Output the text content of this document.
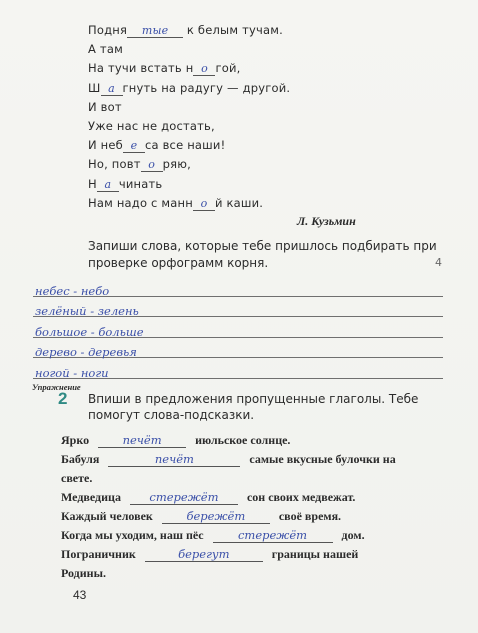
Подня тые к белым тучам.
А там
На тучи встать н о гой,
Ш а гнуть на радугу — другой.
И вот
Уже нас не достать,
И неб е са все наши!
Но, повт о ряю,
Н а чинать
Нам надо с манн о й каши.
Л. Кузьмин
Запиши слова, которые тебе пришлось подбирать при проверке орфограмм корня.	4
небес - небо
зелёный - зелень
большое - больше
дерево - деревья
ногой - ноги
Упражнение
2 Впиши в предложения пропущенные глаголы. Тебе помогут слова-подсказки.
Ярко	печёт	июльское солнце.
Бабуля	печёт	самые вкусные булочки на
свете.
Медведица стережёт сон своих медвежат.
Каждый человек	бережёт	своё время.
Когда мы уходим, наш пёс	стережёт	дом.
Пограничник	берегут	границы нашей
Родины.
43
